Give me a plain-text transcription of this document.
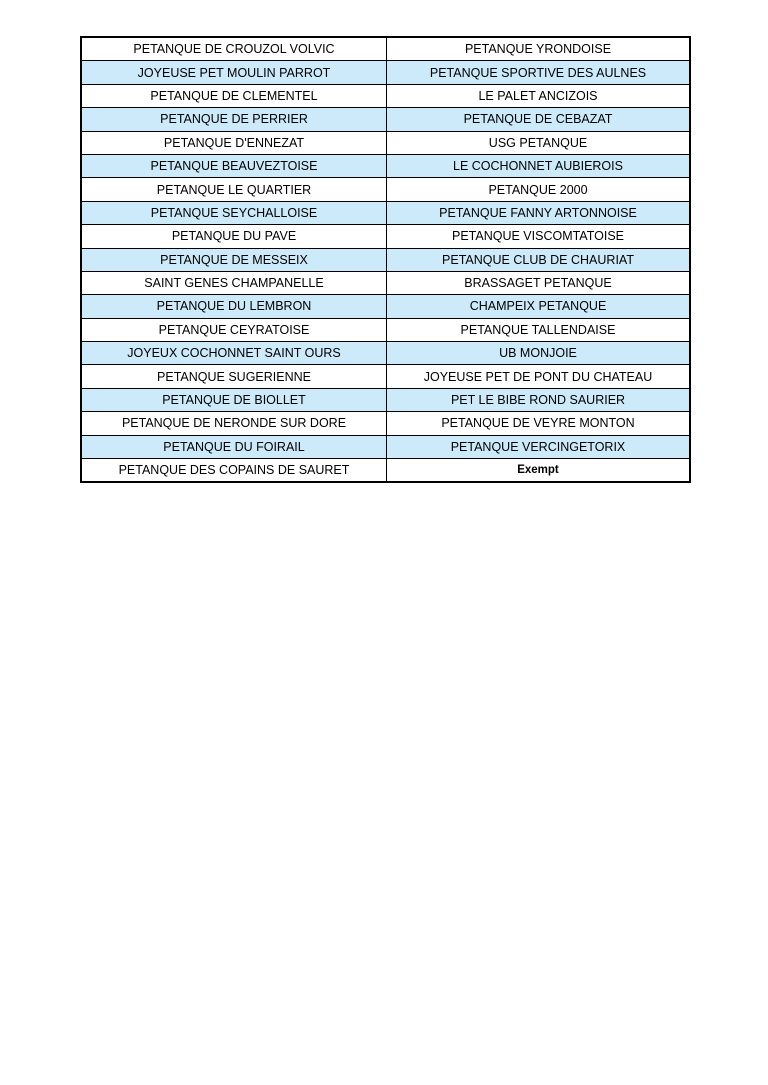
PETANQUE DE CROUZOL VOLVIC	PETANQUE YRONDOISE
JOYEUSE PET MOULIN PARROT	PETANQUE SPORTIVE DES AULNES
PETANQUE DE CLEMENTEL	LE PALET ANCIZOIS
PETANQUE DE PERRIER	PETANQUE DE CEBAZAT
PETANQUE D'ENNEZAT	USG PETANQUE
PETANQUE BEAUVEZTOISE	LE COCHONNET AUBIEROIS
PETANQUE LE QUARTIER	PETANQUE 2000
PETANQUE SEYCHALLOISE	PETANQUE FANNY ARTONNOISE
PETANQUE DU PAVE	PETANQUE VISCOMTATOISE
PETANQUE DE MESSEIX	PETANQUE CLUB DE CHAURIAT
SAINT GENES CHAMPANELLE	BRASSAGET PETANQUE
PETANQUE DU LEMBRON	CHAMPEIX PETANQUE
PETANQUE CEYRATOISE	PETANQUE TALLENDAISE
JOYEUX COCHONNET SAINT OURS	UB MONJOIE
PETANQUE SUGERIENNE	JOYEUSE PET DE PONT DU CHATEAU
PETANQUE DE BIOLLET	PET LE BIBE ROND SAURIER
PETANQUE DE NERONDE SUR DORE	PETANQUE DE VEYRE MONTON
PETANQUE DU FOIRAIL	PETANQUE VERCINGETORIX
PETANQUE DES COPAINS DE SAURET	Exempt
